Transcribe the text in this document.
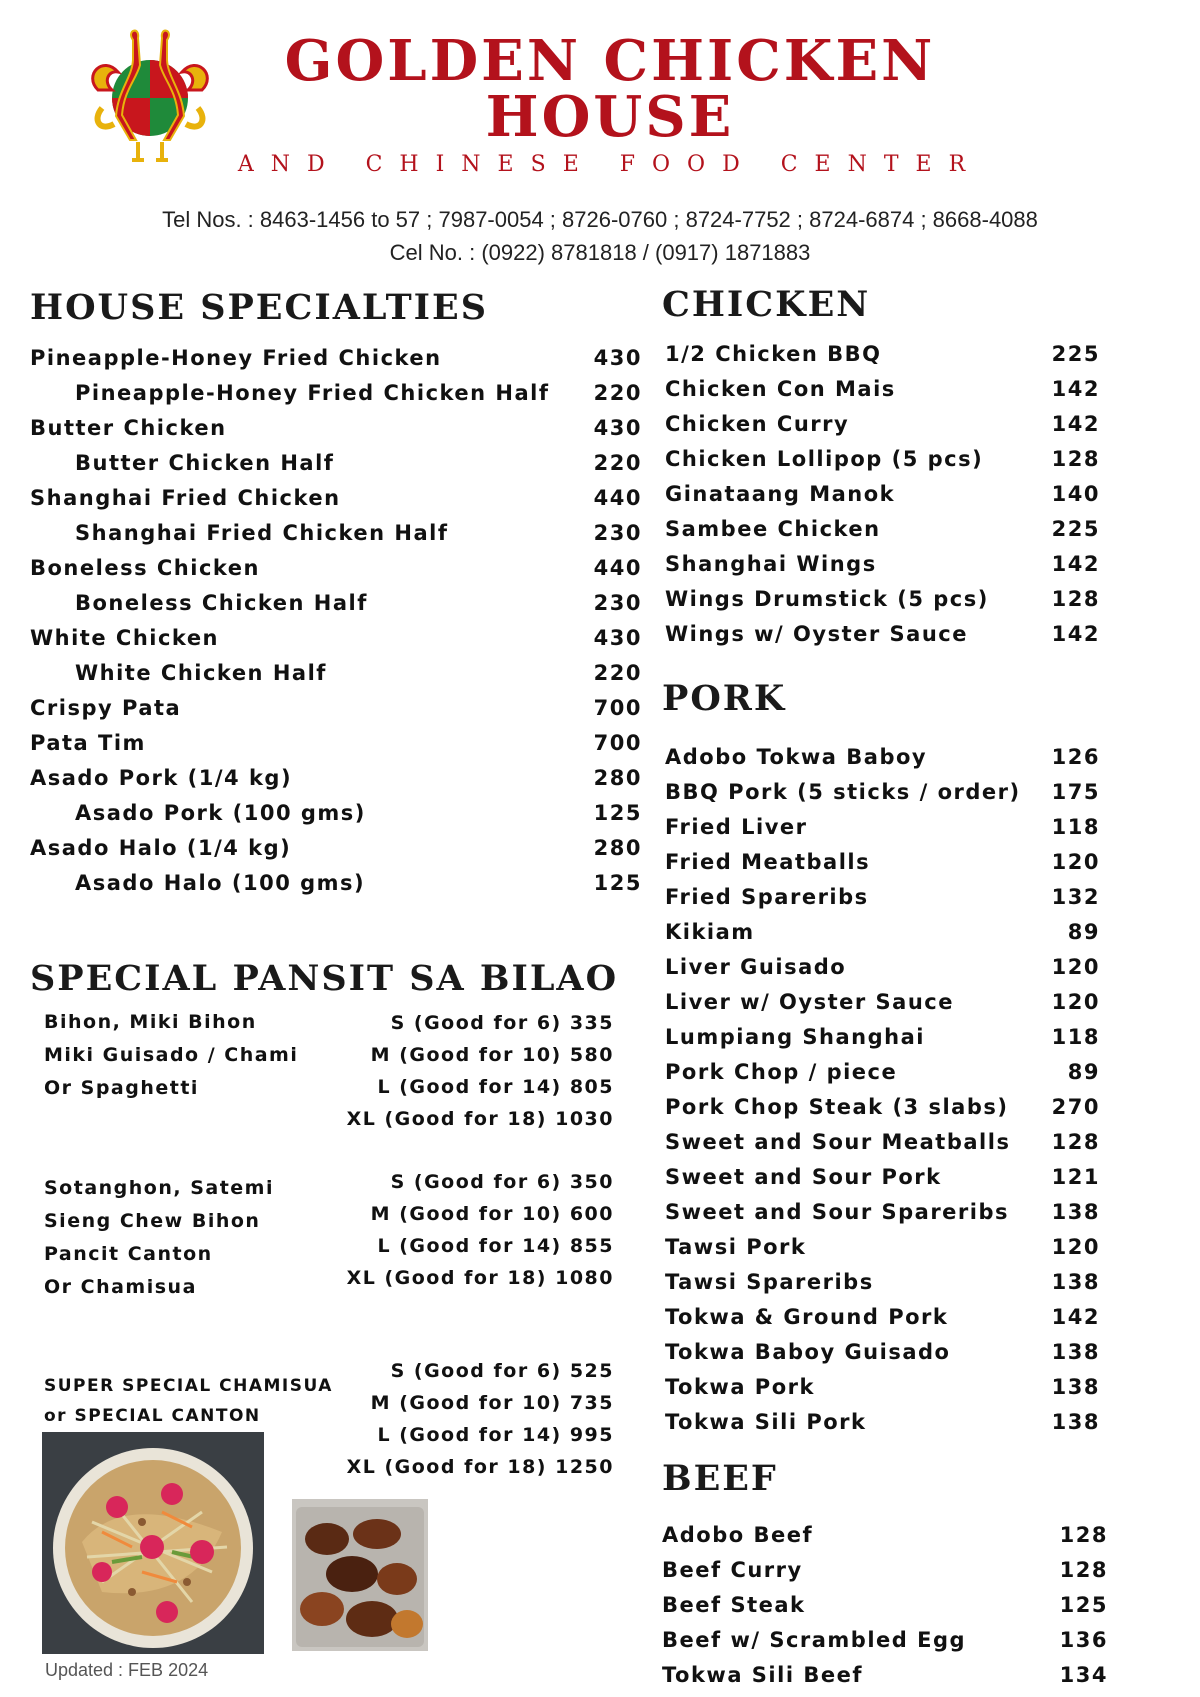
GOLDEN CHICKEN
HOUSE
AND CHINESE FOOD CENTER
Tel Nos. : 8463-1456 to 57 ; 7987-0054 ; 8726-0760 ; 8724-7752 ; 8724-6874 ; 8668-4088
Cel No. : (0922) 8781818 / (0917) 1871883
HOUSE SPECIALTIES
Pineapple-Honey Fried Chicken	430
Pineapple-Honey Fried Chicken Half 220
Butter Chicken	430
Butter Chicken Half	220
Shanghai Fried Chicken	440
Shanghai Fried Chicken Half	230
Boneless Chicken	440
Boneless Chicken Half	230
White Chicken	430
White Chicken Half	220
Crispy Pata	700
Pata Tim	700
Asado Pork (1/4 kg)	280
Asado Pork (100 gms)	125
Asado Halo (1/4 kg)	280
Asado Halo (100 gms)	125
SPECIAL PANSIT SA BILAO
Bihon, Miki Bihon
Miki Guisado / Chami
Or Spaghetti
S (Good for 6) 335
M (Good for 10) 580
L (Good for 14) 805
XL (Good for 18) 1030
Sotanghon, Satemi
Sieng Chew Bihon
Pancit Canton
Or Chamisua
S (Good for 6) 350
M (Good for 10) 600
L (Good for 14) 855
XL (Good for 18) 1080
SUPER SPECIAL CHAMISUA
or SPECIAL CANTON
S (Good for 6) 525
M (Good for 10) 735
L (Good for 14) 995
XL (Good for 18) 1250
Updated : FEB 2024
CHICKEN
1/2 Chicken BBQ	225
Chicken Con Mais	142
Chicken Curry	142
Chicken Lollipop (5 pcs)	128
Ginataang Manok	140
Sambee Chicken	225
Shanghai Wings	142
Wings Drumstick (5 pcs)	128
Wings w/ Oyster Sauce	142
PORK
Adobo Tokwa Baboy	126
BBQ Pork (5 sticks / order) 175
Fried Liver	118
Fried Meatballs	120
Fried Spareribs	132
Kikiam	89
Liver Guisado	120
Liver w/ Oyster Sauce	120
Lumpiang Shanghai	118
Pork Chop / piece	89
Pork Chop Steak (3 slabs) 270
Sweet and Sour Meatballs 128
Sweet and Sour Pork	121
Sweet and Sour Spareribs 138
Tawsi Pork	120
Tawsi Spareribs	138
Tokwa & Ground Pork	142
Tokwa Baboy Guisado	138
Tokwa Pork	138
Tokwa Sili Pork	138
BEEF
Adobo Beef	128
Beef Curry	128
Beef Steak	125
Beef w/ Scrambled Egg	136
Tokwa Sili Beef	134
